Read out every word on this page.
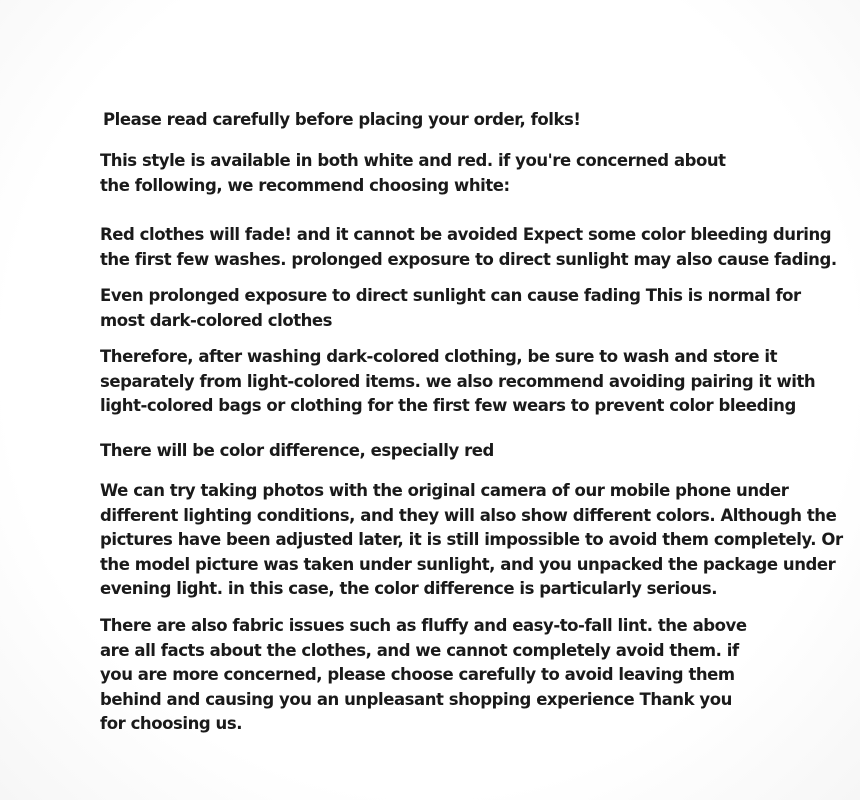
Please read carefully before placing your order, folks!

This style is available in both white and red. if you're concerned about
the following, we recommend choosing white:

Red clothes will fade! and it cannot be avoided Expect some color bleeding during
the first few washes. prolonged exposure to direct sunlight may also cause fading.

Even prolonged exposure to direct sunlight can cause fading This is normal for
most dark-colored clothes

Therefore, after washing dark-colored clothing, be sure to wash and store it
separately from light-colored items. we also recommend avoiding pairing it with
light-colored bags or clothing for the first few wears to prevent color bleeding

There will be color difference, especially red

We can try taking photos with the original camera of our mobile phone under
different lighting conditions, and they will also show different colors. Although the
pictures have been adjusted later, it is still impossible to avoid them completely. Or
the model picture was taken under sunlight, and you unpacked the package under
evening light. in this case, the color difference is particularly serious.

There are also fabric issues such as fluffy and easy-to-fall lint. the above
are all facts about the clothes, and we cannot completely avoid them. if
you are more concerned, please choose carefully to avoid leaving them
behind and causing you an unpleasant shopping experience Thank you
for choosing us.
